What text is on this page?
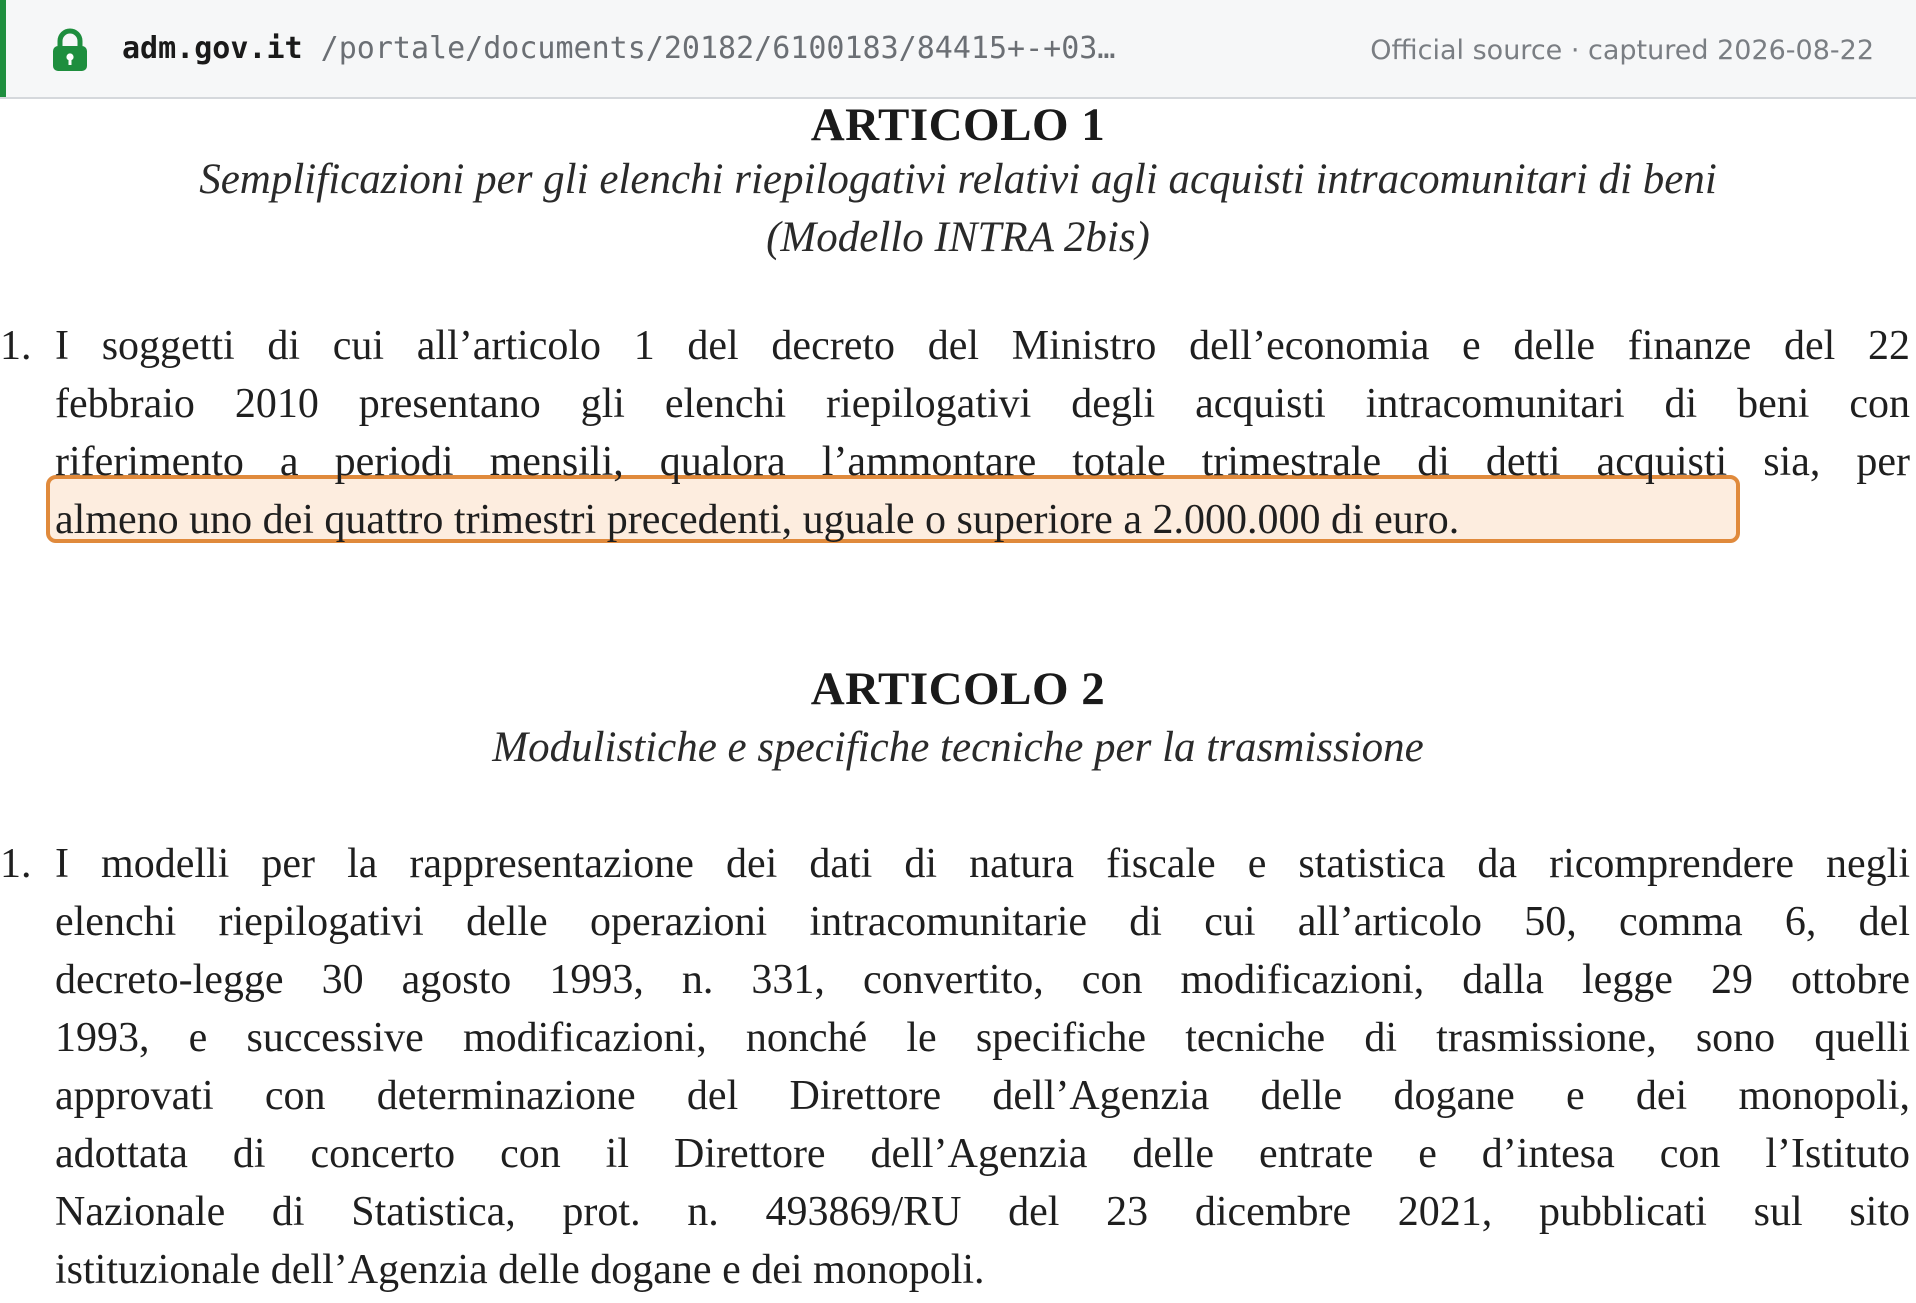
adm.gov.it /portale/documents/20182/6100183/84415+-+03…	Official source · captured 2026-08-22
ARTICOLO 1
Semplificazioni per gli elenchi riepilogativi relativi agli acquisti intracomunitari di beni
(Modello INTRA 2bis)
1. I soggetti di cui all’articolo 1 del decreto del Ministro dell’economia e delle finanze del 22
febbraio 2010 presentano gli elenchi riepilogativi degli acquisti intracomunitari di beni con
riferimento a periodi mensili, qualora l’ammontare totale trimestrale di detti acquisti sia, per
almeno uno dei quattro trimestri precedenti, uguale o superiore a 2.000.000 di euro.
ARTICOLO 2
Modulistiche e specifiche tecniche per la trasmissione
1. I modelli per la rappresentazione dei dati di natura fiscale e statistica da ricomprendere negli
elenchi riepilogativi delle operazioni intracomunitarie di cui all’articolo 50, comma 6, del
decreto-legge 30 agosto 1993, n. 331, convertito, con modificazioni, dalla legge 29 ottobre
1993, e successive modificazioni, nonché le specifiche tecniche di trasmissione, sono quelli
approvati con determinazione del Direttore dell’Agenzia delle dogane e dei monopoli,
adottata di concerto con il Direttore dell’Agenzia delle entrate e d’intesa con l’Istituto
Nazionale di Statistica, prot. n. 493869/RU del 23 dicembre 2021, pubblicati sul sito
istituzionale dell’Agenzia delle dogane e dei monopoli.
